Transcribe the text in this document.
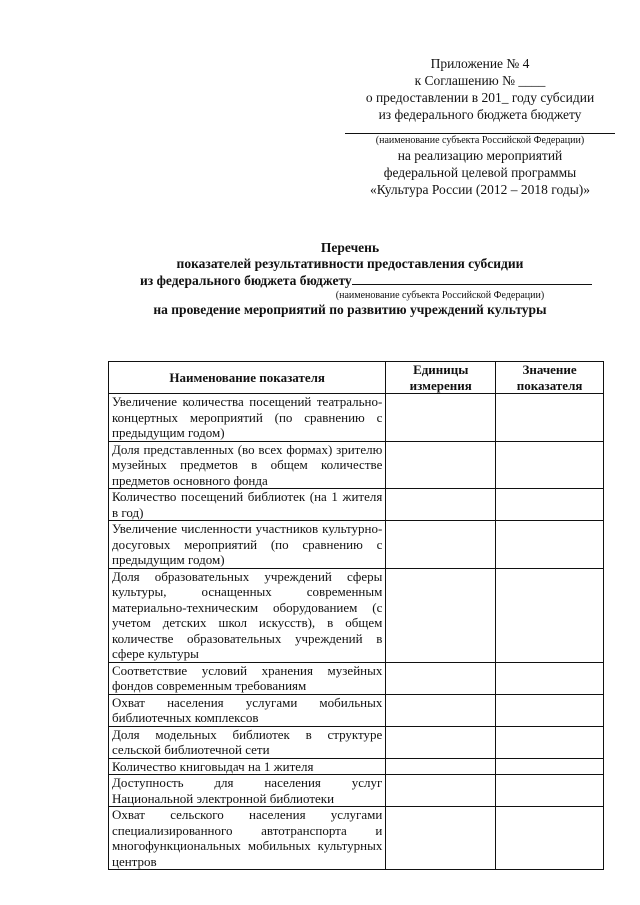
Приложение № 4
к Соглашению № ____
о предоставлении в 201_ году субсидии
из федерального бюджета бюджету
(наименование субъекта Российской Федерации)
на реализацию мероприятий
федеральной целевой программы
«Культура России (2012 – 2018 годы)»
Перечень
показателей результативности предоставления субсидии
из федерального бюджета бюджету
(наименование субъекта Российской Федерации)
на проведение мероприятий по развитию учреждений культуры
Наименование показателя	Единицы измерения	Значение показателя
Увеличение количества посещений театрально-концертных мероприятий (по сравнению с предыдущим годом)		
Доля представленных (во всех формах) зрителю музейных предметов в общем количестве предметов основного фонда		
Количество посещений библиотек (на 1 жителя в год)		
Увеличение численности участников культурно-досуговых мероприятий (по сравнению с предыдущим годом)		
Доля образовательных учреждений сферы культуры, оснащенных современным материально-техническим оборудованием (с учетом детских школ искусств), в общем количестве образовательных учреждений в сфере культуры		
Соответствие условий хранения музейных фондов современным требованиям		
Охват населения услугами мобильных библиотечных комплексов		
Доля модельных библиотек в структуре сельской библиотечной сети		
Количество книговыдач на 1 жителя		
Доступность для населения услуг Национальной электронной библиотеки		
Охват сельского населения услугами специализированного автотранспорта и многофункциональных мобильных культурных центров		
